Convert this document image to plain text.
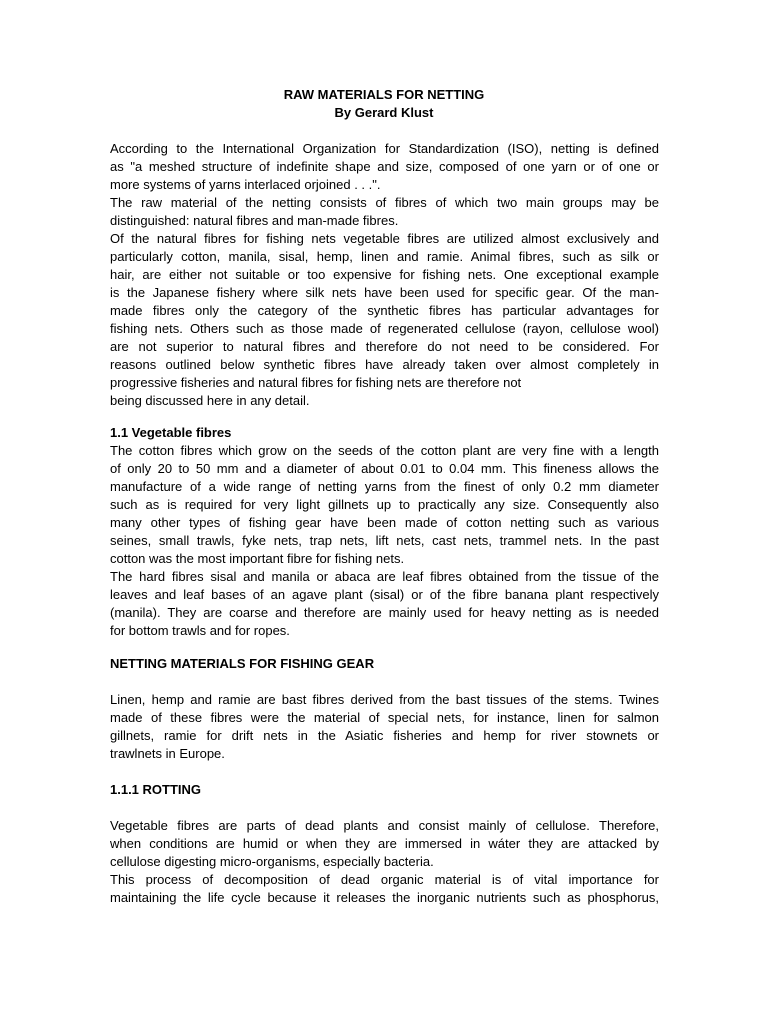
RAW MATERIALS FOR NETTING
By Gerard Klust
According to the International Organization for Standardization (ISO), netting is defined
as "a meshed structure of indefinite shape and size, composed of one yarn or of one or
more systems of yarns interlaced orjoined . . .".
The raw material of the netting consists of fibres of which two main groups may be
distinguished: natural fibres and man-made fibres.
Of the natural fibres for fishing nets vegetable fibres are utilized almost exclusively and
particularly cotton, manila, sisal, hemp, linen and ramie. Animal fibres, such as silk or
hair, are either not suitable or too expensive for fishing nets. One exceptional example
is the Japanese fishery where silk nets have been used for specific gear. Of the man-
made fibres only the category of the synthetic fibres has particular advantages for
fishing nets. Others such as those made of regenerated cellulose (rayon, cellulose wool)
are not superior to natural fibres and therefore do not need to be considered. For
reasons outlined below synthetic fibres have already taken over almost completely in
progressive fisheries and natural fibres for fishing nets are therefore not
being discussed here in any detail.
1.1 Vegetable fibres
The cotton fibres which grow on the seeds of the cotton plant are very fine with a length
of only 20 to 50 mm and a diameter of about 0.01 to 0.04 mm. This fineness allows the
manufacture of a wide range of netting yarns from the finest of only 0.2 mm diameter
such as is required for very light gillnets up to practically any size. Consequently also
many other types of fishing gear have been made of cotton netting such as various
seines, small trawls, fyke nets, trap nets, lift nets, cast nets, trammel nets. In the past
cotton was the most important fibre for fishing nets.
The hard fibres sisal and manila or abaca are leaf fibres obtained from the tissue of the
leaves and leaf bases of an agave plant (sisal) or of the fibre banana plant respectively
(manila). They are coarse and therefore are mainly used for heavy netting as is needed
for bottom trawls and for ropes.
NETTING MATERIALS FOR FISHING GEAR
Linen, hemp and ramie are bast fibres derived from the bast tissues of the stems. Twines
made of these fibres were the material of special nets, for instance, linen for salmon
gillnets, ramie for drift nets in the Asiatic fisheries and hemp for river stownets or
trawlnets in Europe.
1.1.1 ROTTING
Vegetable fibres are parts of dead plants and consist mainly of cellulose. Therefore,
when conditions are humid or when they are immersed in wáter they are attacked by
cellulose digesting micro-organisms, especially bacteria.
This process of decomposition of dead organic material is of vital importance for
maintaining the life cycle because it releases the inorganic nutrients such as phosphorus,
